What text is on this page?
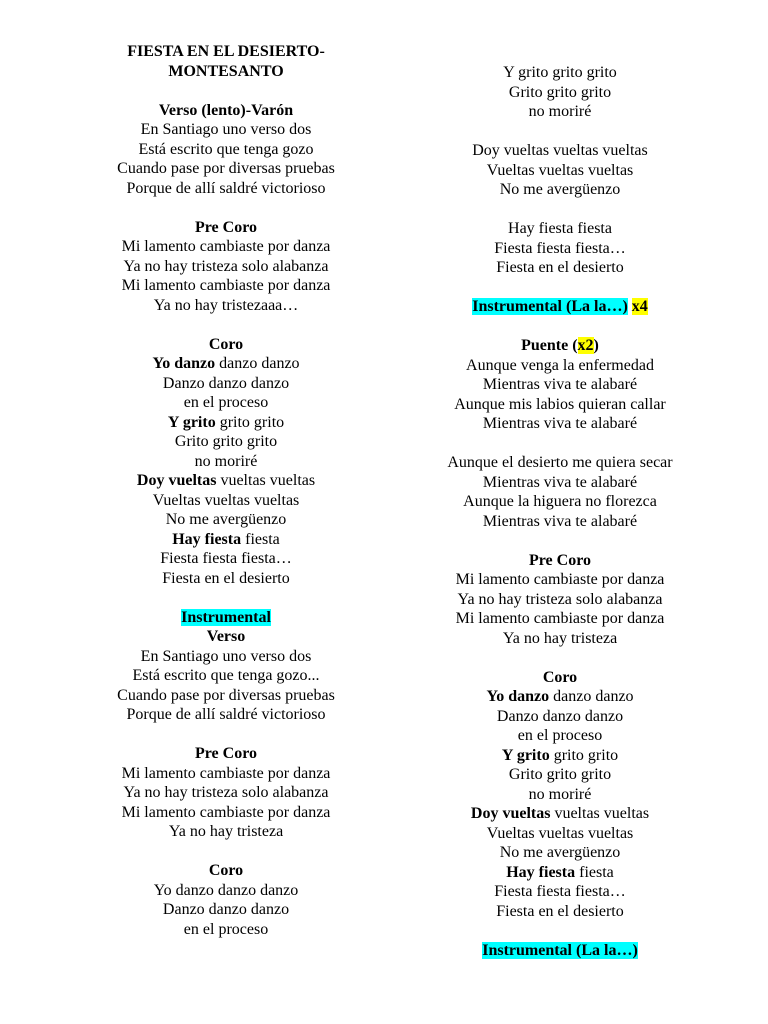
FIESTA EN EL DESIERTO-
MONTESANTO
Verso (lento)-Varón
En Santiago uno verso dos
Está escrito que tenga gozo
Cuando pase por diversas pruebas
Porque de allí saldré victorioso
Pre Coro
Mi lamento cambiaste por danza
Ya no hay tristeza solo alabanza
Mi lamento cambiaste por danza
Ya no hay tristezaaa…
Coro
Yo danzo danzo danzo
Danzo danzo danzo
en el proceso
Y grito grito grito
Grito grito grito
no moriré
Doy vueltas vueltas vueltas
Vueltas vueltas vueltas
No me avergüenzo
Hay fiesta fiesta
Fiesta fiesta fiesta…
Fiesta en el desierto
Instrumental
Verso
En Santiago uno verso dos
Está escrito que tenga gozo...
Cuando pase por diversas pruebas
Porque de allí saldré victorioso
Pre Coro
Mi lamento cambiaste por danza
Ya no hay tristeza solo alabanza
Mi lamento cambiaste por danza
Ya no hay tristeza
Coro
Yo danzo danzo danzo
Danzo danzo danzo
en el proceso
Y grito grito grito
Grito grito grito
no moriré
Doy vueltas vueltas vueltas
Vueltas vueltas vueltas
No me avergüenzo
Hay fiesta fiesta
Fiesta fiesta fiesta…
Fiesta en el desierto
Instrumental (La la…) x4
Puente (x2)
Aunque venga la enfermedad
Mientras viva te alabaré
Aunque mis labios quieran callar
Mientras viva te alabaré
Aunque el desierto me quiera secar
Mientras viva te alabaré
Aunque la higuera no florezca
Mientras viva te alabaré
Pre Coro
Mi lamento cambiaste por danza
Ya no hay tristeza solo alabanza
Mi lamento cambiaste por danza
Ya no hay tristeza
Coro
Yo danzo danzo danzo
Danzo danzo danzo
en el proceso
Y grito grito grito
Grito grito grito
no moriré
Doy vueltas vueltas vueltas
Vueltas vueltas vueltas
No me avergüenzo
Hay fiesta fiesta
Fiesta fiesta fiesta…
Fiesta en el desierto
Instrumental (La la…)
